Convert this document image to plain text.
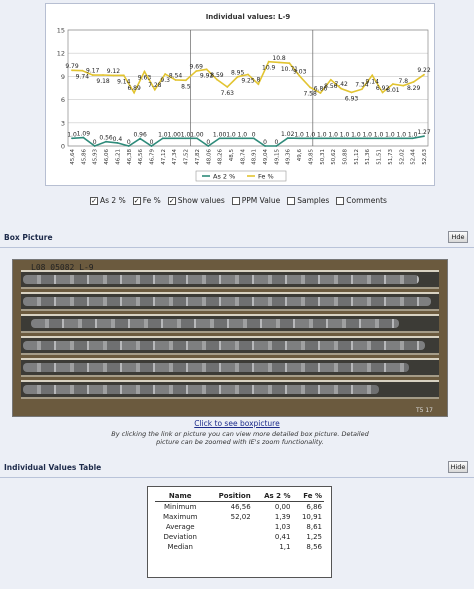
Individual values: L-9
0
3
6
9
12
15
45,64 45,86 45,93 46,06 46,21 46,38 46,56 46,79 47,12 47,34 47,52 47,82 48,06 48,26 48,5 48,74 48,91 49,04 49,15 49,36 49,6 49,85 50,31 50,62 50,88 51,12 51,36 51,51 51,73 52,02 52,44 52,63
1.0 1.09
0
0.56 0.4 0
0.96
0
1.0 1.00 1.0 1.00
0
1.00 1.0 1.0 0
0 0
1.02 1.0 1.0 1.0 1.0 1.0 1.0 1.0 1.0 1.0 1.0 1.0 1.27
9.79
9.74
9.17
9.18
9.12
9.14
6.89
9.63
7.28
9.3
8.54
8.5
9.69
9.92
8.59
7.63
8.95
9.25 8
10.9
10.8
10.71
9.03
7.58
6.86
8.56
7.42
6.93
7.34
9.14
6.92
8.01
7.8
8.29
9.22
As 2 %	Fe %
✓ As 2 % ✓ Fe % ✓ Show values PPM Value Samples Comments
Box Picture	Hde
L08 05082 L-9
T5 17
Click to see boxpicture
By clicking the link or picture you can view more detailed box picture. Detailed picture can be zoomed with IE's zoom functionality.
Individual Values Table	Hide
Name	Position	As 2 %	Fe %
Minimum	46,56	0,00	6,86
Maximum	52,02	1,39	10,91
Average		1,03	8,61
Deviation		0,41	1,25
Median		1,1	8,56
